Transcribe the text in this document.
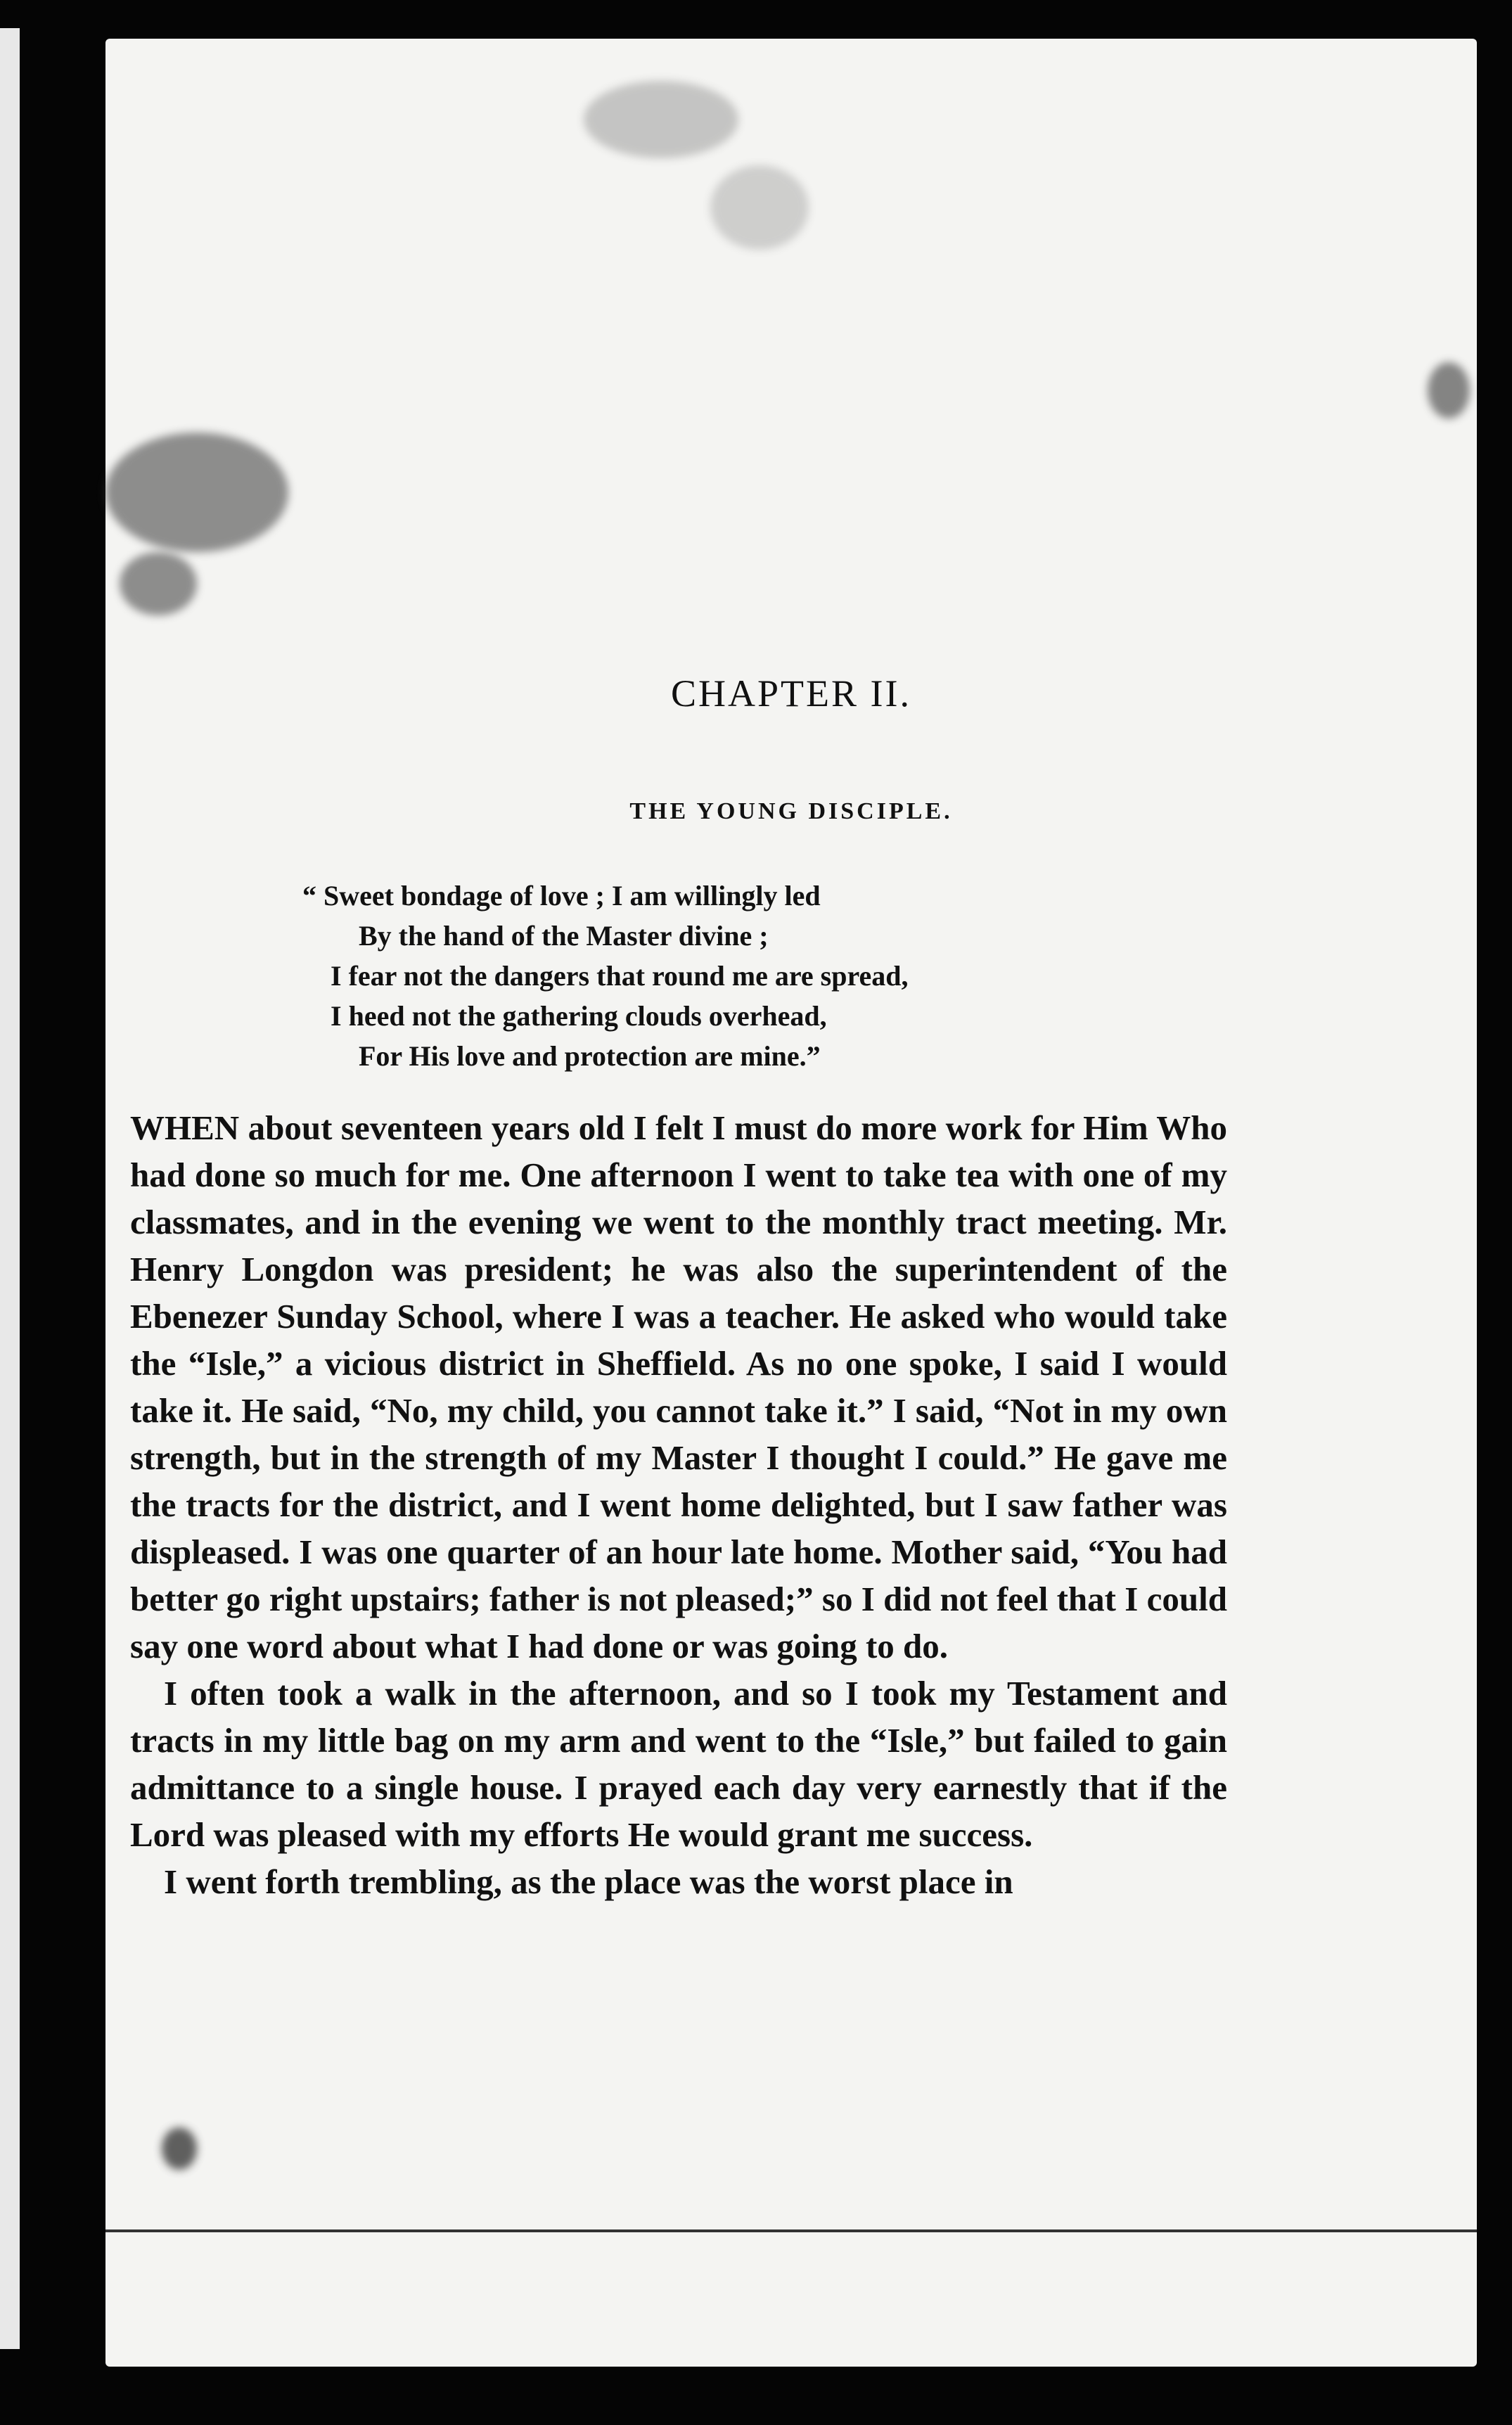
CHAPTER II.
THE YOUNG DISCIPLE.
“ Sweet bondage of love ; I am willingly led
By the hand of the Master divine ;
I fear not the dangers that round me are spread,
I heed not the gathering clouds overhead,
For His love and protection are mine.”

WHEN about seventeen years old I felt I must do more work for Him Who had done so much for me. One afternoon I went to take tea with one of my classmates, and in the evening we went to the monthly tract meeting. Mr. Henry Longdon was president; he was also the superintendent of the Ebenezer Sunday School, where I was a teacher. He asked who would take the “Isle,” a vicious district in Sheffield. As no one spoke, I said I would take it. He said, “No, my child, you cannot take it.” I said, “Not in my own strength, but in the strength of my Master I thought I could.” He gave me the tracts for the district, and I went home delighted, but I saw father was displeased. I was one quarter of an hour late home. Mother said, “You had better go right upstairs; father is not pleased;” so I did not feel that I could say one word about what I had done or was going to do.

I often took a walk in the afternoon, and so I took my Testament and tracts in my little bag on my arm and went to the “Isle,” but failed to gain admittance to a single house. I prayed each day very earnestly that if the Lord was pleased with my efforts He would grant me success.

I went forth trembling, as the place was the worst place in
